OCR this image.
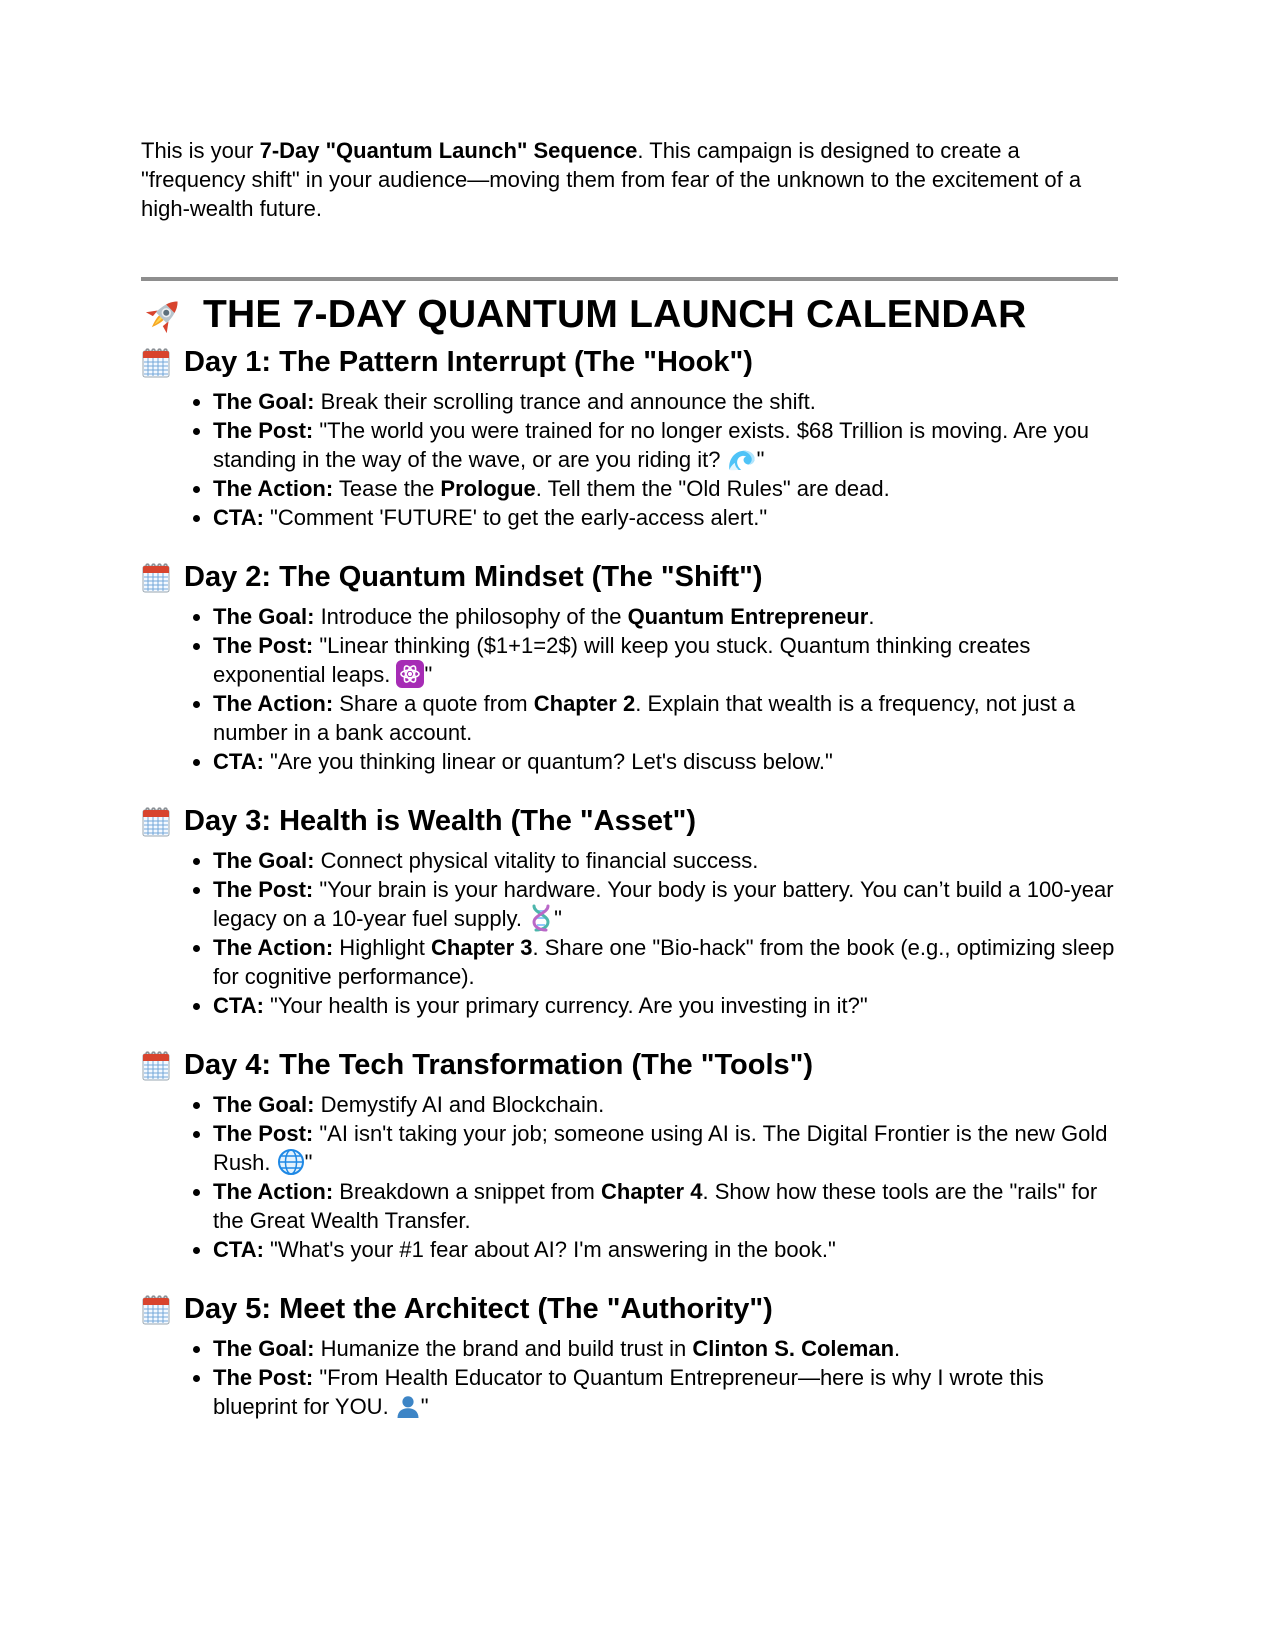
This is your 7-Day "Quantum Launch" Sequence. This campaign is designed to create a "frequency shift" in your audience—moving them from fear of the unknown to the excitement of a high-wealth future.

THE 7-DAY QUANTUM LAUNCH CALENDAR
Day 1: The Pattern Interrupt (The "Hook")
• The Goal: Break their scrolling trance and announce the shift.
• The Post: "The world you were trained for no longer exists. $68 Trillion is moving. Are you standing in the way of the wave, or are you riding it? "
• The Action: Tease the Prologue. Tell them the "Old Rules" are dead.
• CTA: "Comment 'FUTURE' to get the early-access alert."
Day 2: The Quantum Mindset (The "Shift")
• The Goal: Introduce the philosophy of the Quantum Entrepreneur.
• The Post: "Linear thinking ($1+1=2$) will keep you stuck. Quantum thinking creates exponential leaps. "
• The Action: Share a quote from Chapter 2. Explain that wealth is a frequency, not just a number in a bank account.
• CTA: "Are you thinking linear or quantum? Let's discuss below."
Day 3: Health is Wealth (The "Asset")
• The Goal: Connect physical vitality to financial success.
• The Post: "Your brain is your hardware. Your body is your battery. You can’t build a 100-year legacy on a 10-year fuel supply. "
• The Action: Highlight Chapter 3. Share one "Bio-hack" from the book (e.g., optimizing sleep for cognitive performance).
• CTA: "Your health is your primary currency. Are you investing in it?"
Day 4: The Tech Transformation (The "Tools")
• The Goal: Demystify AI and Blockchain.
• The Post: "AI isn't taking your job; someone using AI is. The Digital Frontier is the new Gold Rush. "
• The Action: Breakdown a snippet from Chapter 4. Show how these tools are the "rails" for the Great Wealth Transfer.
• CTA: "What's your #1 fear about AI? I'm answering in the book."
Day 5: Meet the Architect (The "Authority")
• The Goal: Humanize the brand and build trust in Clinton S. Coleman.
• The Post: "From Health Educator to Quantum Entrepreneur—here is why I wrote this blueprint for YOU. "
